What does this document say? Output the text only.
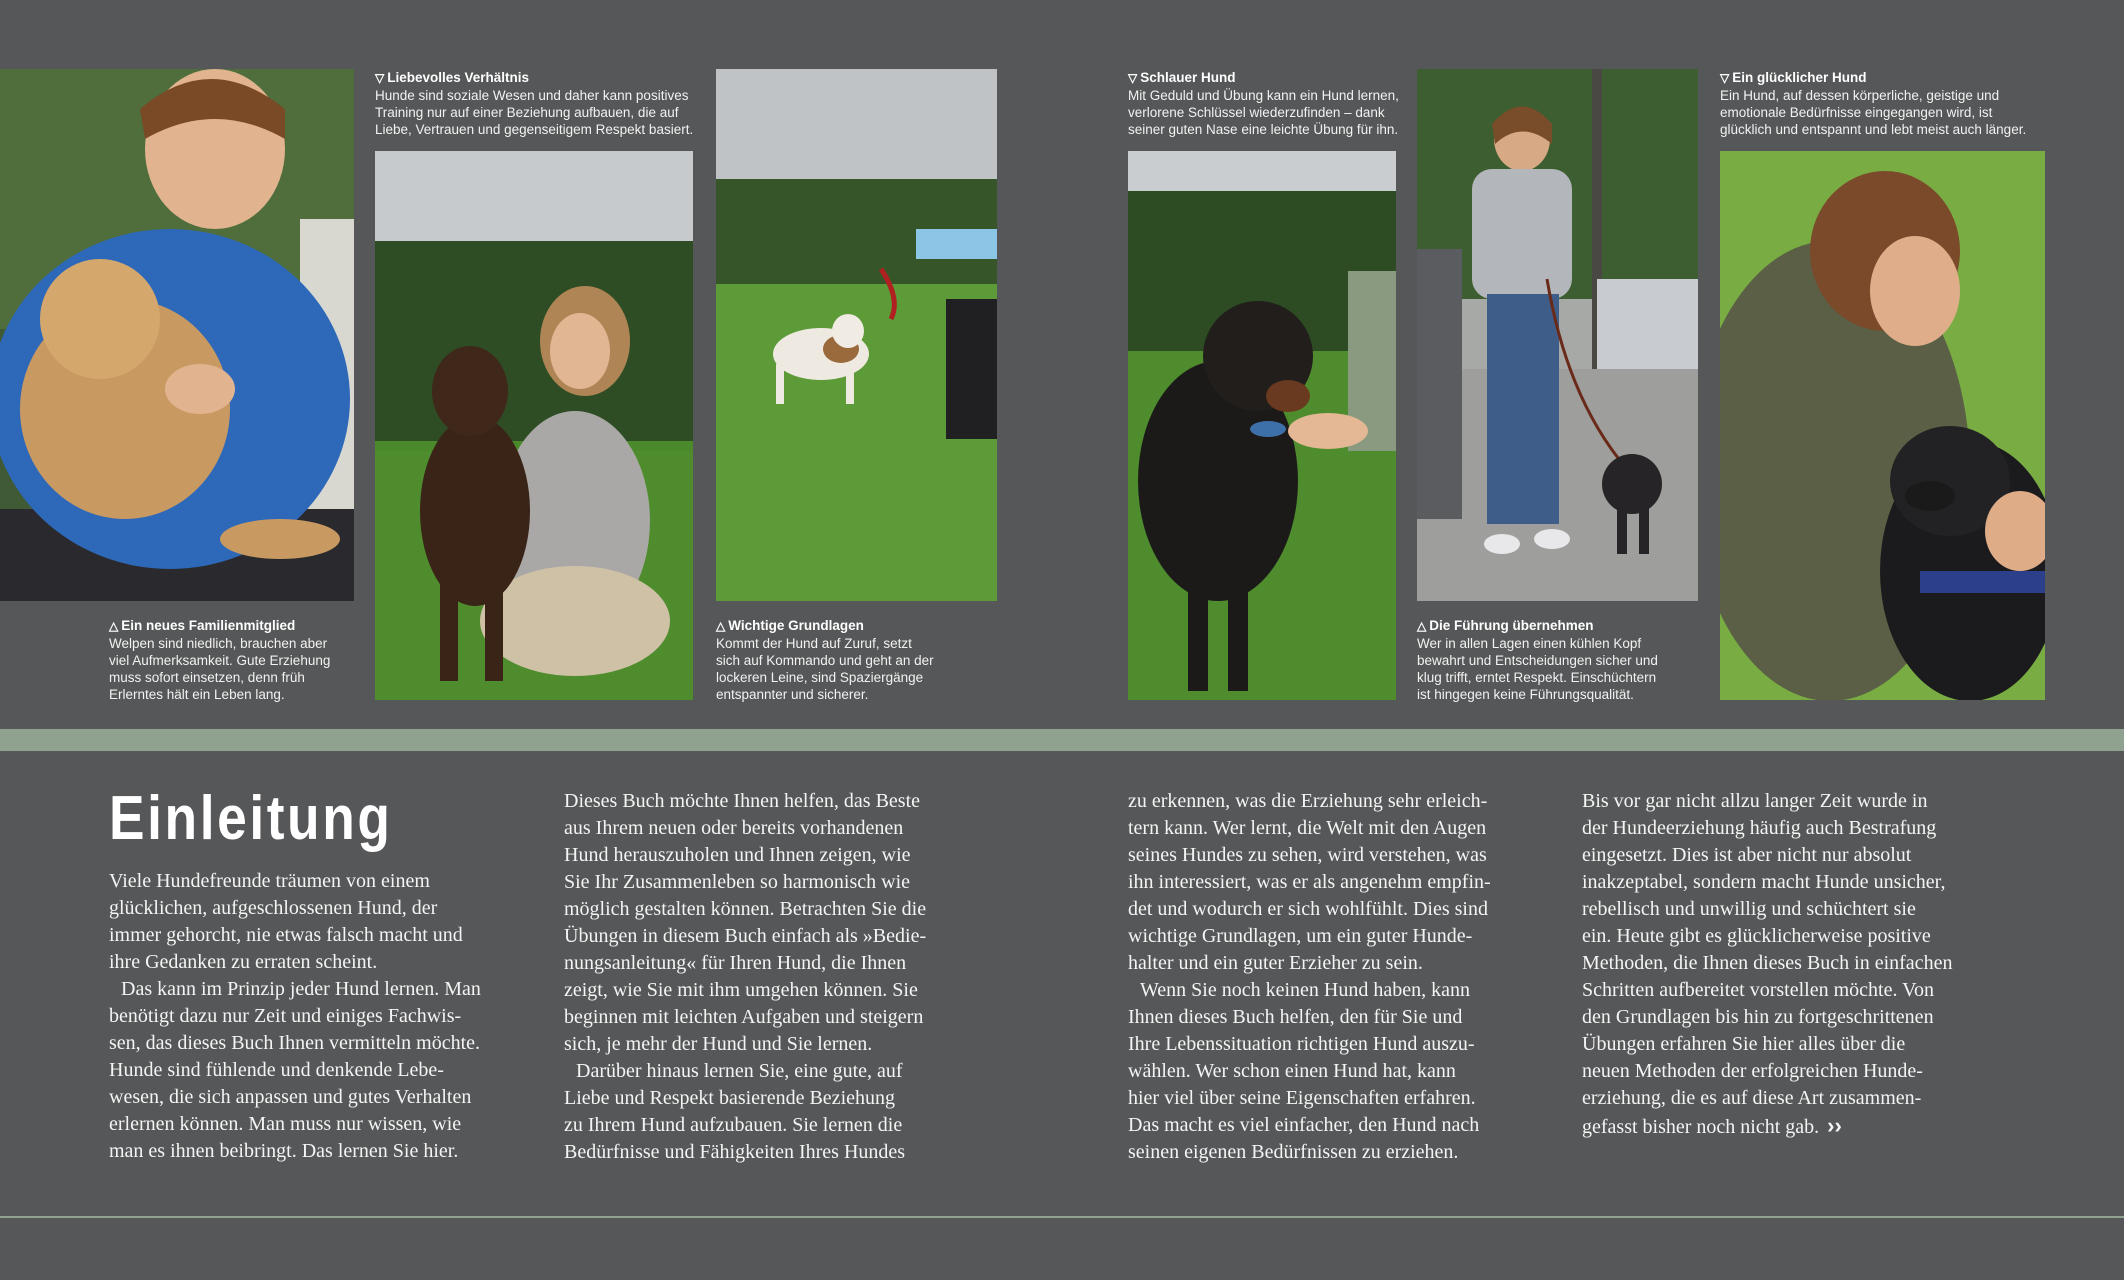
△ Ein neues Familienmitglied
Welpen sind niedlich, brauchen aber
viel Aufmerksamkeit. Gute Erziehung
muss sofort einsetzen, denn früh
Erlerntes hält ein Leben lang.
▽ Liebevolles Verhältnis
Hunde sind soziale Wesen und daher kann positives
Training nur auf einer Beziehung aufbauen, die auf
Liebe, Vertrauen und gegenseitigem Respekt basiert.
△ Wichtige Grundlagen
Kommt der Hund auf Zuruf, setzt
sich auf Kommando und geht an der
lockeren Leine, sind Spaziergänge
entspannter und sicherer.
▽ Schlauer Hund
Mit Geduld und Übung kann ein Hund lernen,
verlorene Schlüssel wiederzufinden – dank
seiner guten Nase eine leichte Übung für ihn.
△ Die Führung übernehmen
Wer in allen Lagen einen kühlen Kopf
bewahrt und Entscheidungen sicher und
klug trifft, erntet Respekt. Einschüchtern
ist hingegen keine Führungsqualität.
▽ Ein glücklicher Hund
Ein Hund, auf dessen körperliche, geistige und
emotionale Bedürfnisse eingegangen wird, ist
glücklich und entspannt und lebt meist auch länger.
Einleitung

Viele Hundefreunde träumen von einem
glücklichen, aufgeschlossenen Hund, der
immer gehorcht, nie etwas falsch macht und
ihre Gedanken zu erraten scheint.

Das kann im Prinzip jeder Hund lernen. Man

benötigt dazu nur Zeit und einiges Fachwis-
sen, das dieses Buch Ihnen vermitteln möchte.
Hunde sind fühlende und denkende Lebe-
wesen, die sich anpassen und gutes Verhalten
erlernen können. Man muss nur wissen, wie
man es ihnen beibringt. Das lernen Sie hier.

Dieses Buch möchte Ihnen helfen, das Beste
aus Ihrem neuen oder bereits vorhandenen
Hund herauszuholen und Ihnen zeigen, wie
Sie Ihr Zusammenleben so harmonisch wie
möglich gestalten können. Betrachten Sie die
Übungen in diesem Buch einfach als »Bedie-
nungsanleitung« für Ihren Hund, die Ihnen
zeigt, wie Sie mit ihm umgehen können. Sie
beginnen mit leichten Aufgaben und steigern
sich, je mehr der Hund und Sie lernen.

Darüber hinaus lernen Sie, eine gute, auf
Liebe und Respekt basierende Beziehung
zu Ihrem Hund aufzubauen. Sie lernen die
Bedürfnisse und Fähigkeiten Ihres Hundes

zu erkennen, was die Erziehung sehr erleich-
tern kann. Wer lernt, die Welt mit den Augen
seines Hundes zu sehen, wird verstehen, was
ihn interessiert, was er als angenehm empfin-
det und wodurch er sich wohlfühlt. Dies sind
wichtige Grundlagen, um ein guter Hunde-
halter und ein guter Erzieher zu sein.

Wenn Sie noch keinen Hund haben, kann
Ihnen dieses Buch helfen, den für Sie und
Ihre Lebenssituation richtigen Hund auszu-
wählen. Wer schon einen Hund hat, kann
hier viel über seine Eigenschaften erfahren.
Das macht es viel einfacher, den Hund nach
seinen eigenen Bedürfnissen zu erziehen.

Bis vor gar nicht allzu langer Zeit wurde in
der Hundeerziehung häufig auch Bestrafung
eingesetzt. Dies ist aber nicht nur absolut
inakzeptabel, sondern macht Hunde unsicher,
rebellisch und unwillig und schüchtert sie
ein. Heute gibt es glücklicherweise positive
Methoden, die Ihnen dieses Buch in einfachen
Schritten aufbereitet vorstellen möchte. Von
den Grundlagen bis hin zu fortgeschrittenen
Übungen erfahren Sie hier alles über die
neuen Methoden der erfolgreichen Hunde-
erziehung, die es auf diese Art zusammen-
gefasst bisher noch nicht gab. ››
